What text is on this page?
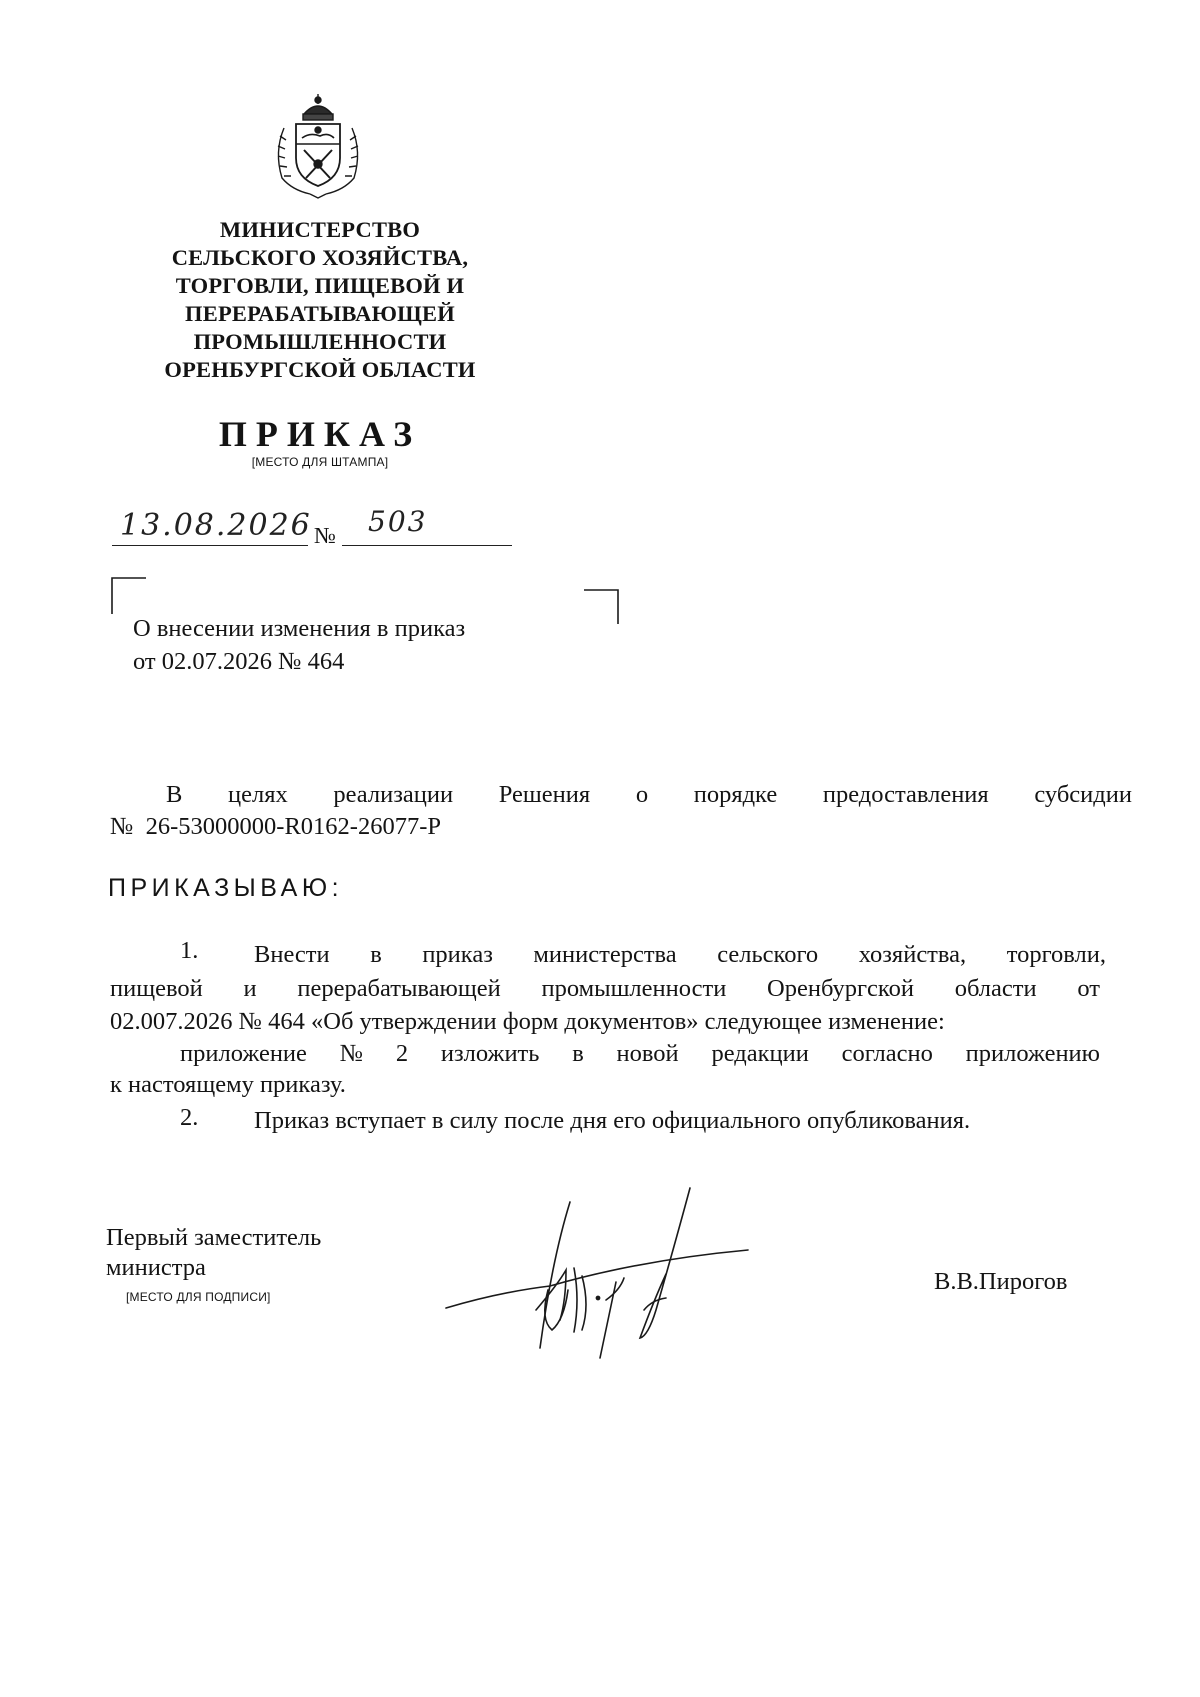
МИНИСТЕРСТВО
СЕЛЬСКОГО ХОЗЯЙСТВА,
ТОРГОВЛИ, ПИЩЕВОЙ И
ПЕРЕРАБАТЫВАЮЩЕЙ
ПРОМЫШЛЕННОСТИ
ОРЕНБУРГСКОЙ ОБЛАСТИ
ПРИКАЗ
[МЕСТО ДЛЯ ШТАМПА]
13.08.2026 № 503
О внесении изменения в приказ
от 02.07.2026 № 464
В целях реализации Решения о порядке предоставления субсидии
№  26-53000000-R0162-26077-P
ПРИКАЗЫВАЮ:
1. Внести в приказ министерства сельского хозяйства, торговли,
пищевой и перерабатывающей промышленности Оренбургской области от
02.007.2026 № 464 «Об утверждении форм документов» следующее изменение:
приложение № 2 изложить в новой редакции согласно приложению
к настоящему приказу.
2. Приказ вступает в силу после дня его официального опубликования.
Первый заместитель
министра
[МЕСТО ДЛЯ ПОДПИСИ]
В.В.Пирогов
